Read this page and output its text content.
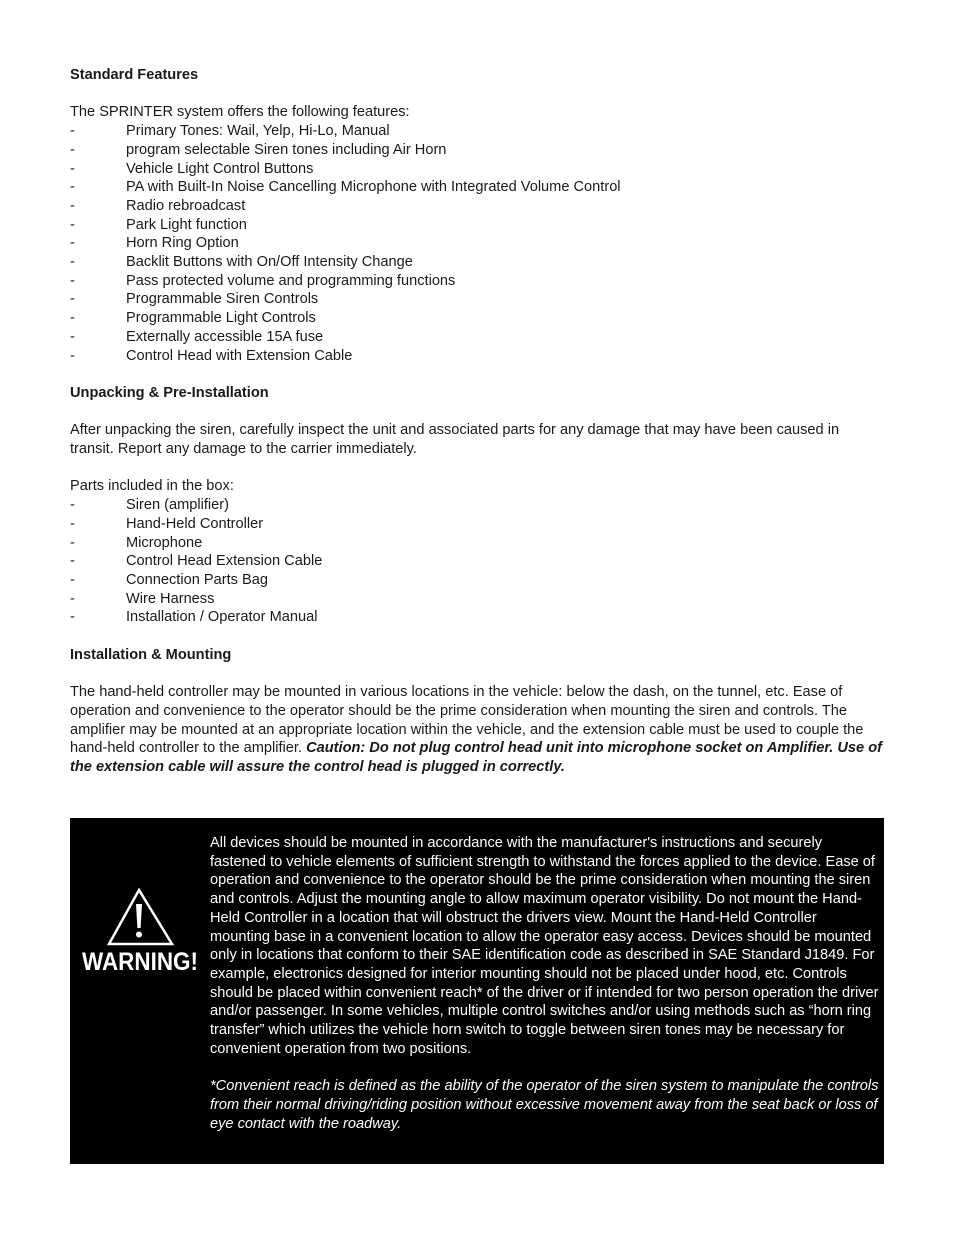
Standard Features

The SPRINTER system offers the following features:

-	Primary Tones: Wail, Yelp, Hi-Lo, Manual
-	program selectable Siren tones including Air Horn
-	Vehicle Light Control Buttons
-	PA with Built-In Noise Cancelling Microphone with Integrated Volume Control
-	Radio rebroadcast
-	Park Light function
-	Horn Ring Option
-	Backlit Buttons with On/Off Intensity Change
-	Pass protected volume and programming functions
-	Programmable Siren Controls
-	Programmable Light Controls
-	Externally accessible 15A fuse
-	Control Head with Extension Cable

Unpacking & Pre-Installation

After unpacking the siren, carefully inspect the unit and associated parts for any damage that may have been caused in transit. Report any damage to the carrier immediately.

Parts included in the box:

-	Siren (amplifier)
-	Hand-Held Controller
-	Microphone
-	Control Head Extension Cable
-	Connection Parts Bag
-	Wire Harness
-	Installation / Operator Manual

Installation & Mounting

The hand-held controller may be mounted in various locations in the vehicle: below the dash, on the tunnel, etc. Ease of operation and convenience to the operator should be the prime consideration when mounting the siren and controls. The amplifier may be mounted at an appropriate location within the vehicle, and the extension cable must be used to couple the hand-held controller to the amplifier. Caution: Do not plug control head unit into microphone socket on Amplifier. Use of the extension cable will assure the control head is plugged in correctly.

WARNING!

All devices should be mounted in accordance with the manufacturer's instructions and securely fastened to vehicle elements of sufficient strength to withstand the forces applied to the device. Ease of operation and convenience to the operator should be the prime consideration when mounting the siren and controls. Adjust the mounting angle to allow maximum operator visibility. Do not mount the Hand-Held Controller in a location that will obstruct the drivers view. Mount the Hand-Held Controller mounting base in a convenient location to allow the operator easy access. Devices should be mounted only in locations that conform to their SAE identification code as described in SAE Standard J1849. For example, electronics designed for interior mounting should not be placed under hood, etc. Controls should be placed within convenient reach* of the driver or if intended for two person operation the driver and/or passenger. In some vehicles, multiple control switches and/or using methods such as “horn ring transfer” which utilizes the vehicle horn switch to toggle between siren tones may be necessary for convenient operation from two positions.

*Convenient reach is defined as the ability of the operator of the siren system to manipulate the controls from their normal driving/riding position without excessive movement away from the seat back or loss of eye contact with the roadway.
